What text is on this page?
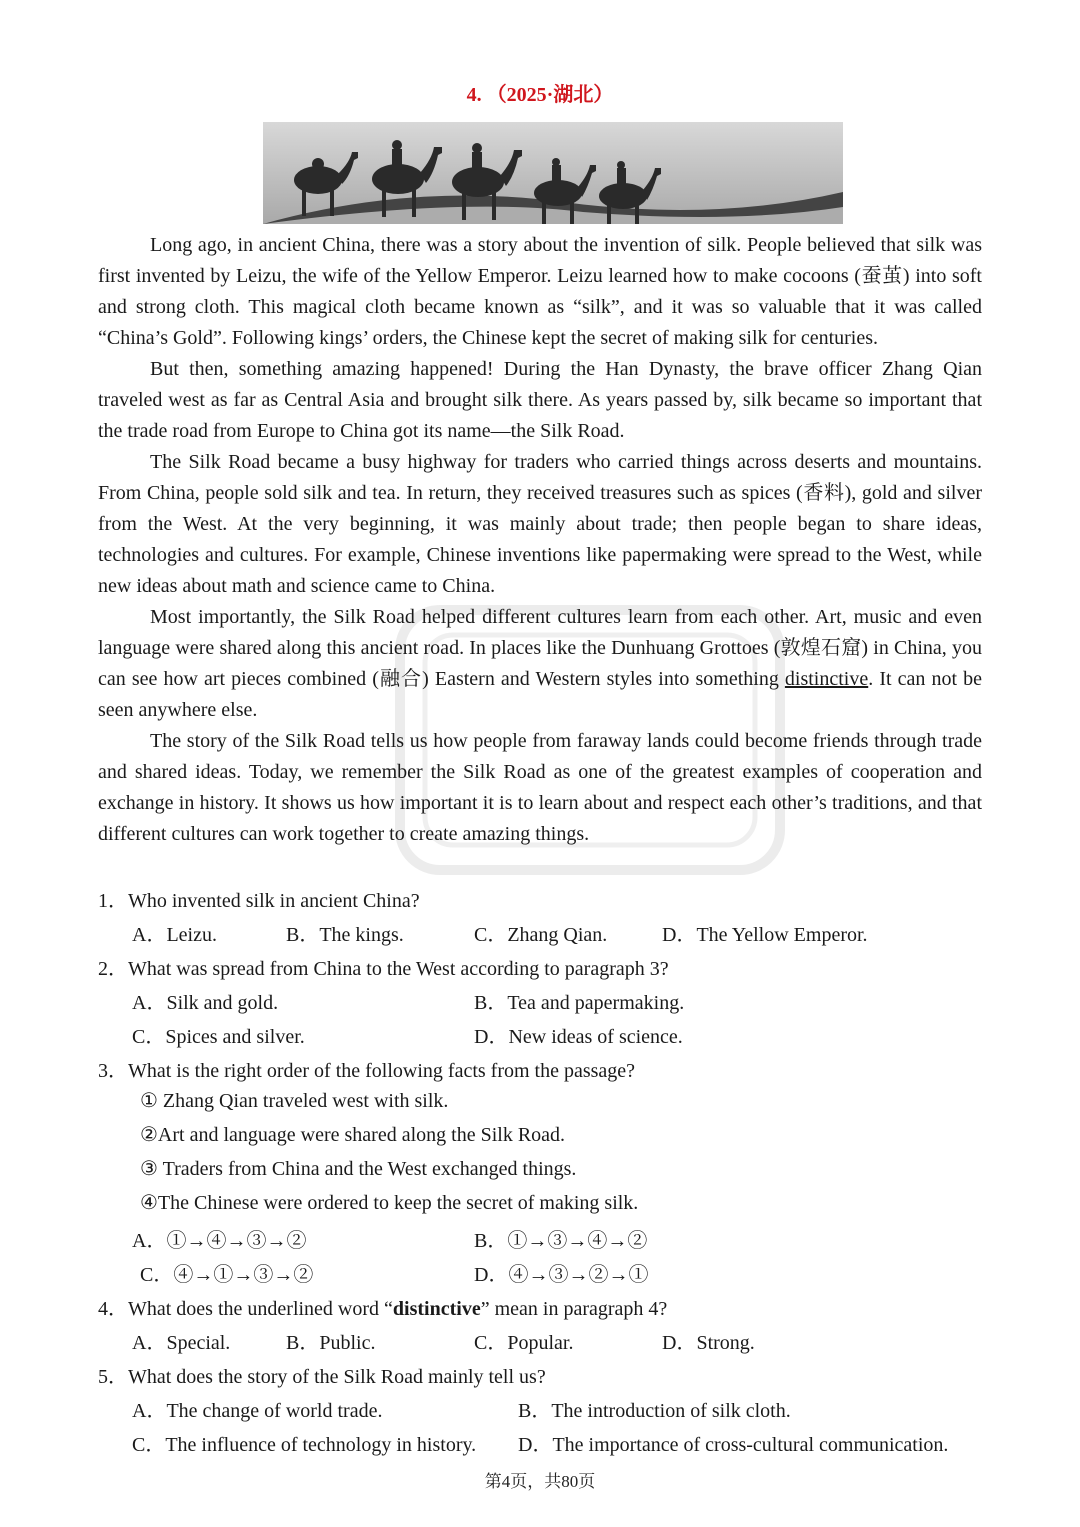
4. （2025·湖北）

Long ago, in ancient China, there was a story about the invention of silk. People believed that silk was first invented by Leizu, the wife of the Yellow Emperor. Leizu learned how to make cocoons (蚕茧) into soft and strong cloth. This magical cloth became known as “silk”, and it was so valuable that it was called “China’s Gold”. Following kings’ orders, the Chinese kept the secret of making silk for centuries.

But then, something amazing happened! During the Han Dynasty, the brave officer Zhang Qian traveled west as far as Central Asia and brought silk there. As years passed by, silk became so important that the trade road from Europe to China got its name—the Silk Road.

The Silk Road became a busy highway for traders who carried things across deserts and mountains. From China, people sold silk and tea. In return, they received treasures such as spices (香料), gold and silver from the West. At the very beginning, it was mainly about trade; then people began to share ideas, technologies and cultures. For example, Chinese inventions like papermaking were spread to the West, while new ideas about math and science came to China.

Most importantly, the Silk Road helped different cultures learn from each other. Art, music and even language were shared along this ancient road. In places like the Dunhuang Grottoes (敦煌石窟) in China, you can see how art pieces combined (融合) Eastern and Western styles into something distinctive. It can not be seen anywhere else.

The story of the Silk Road tells us how people from faraway lands could become friends through trade and shared ideas. Today, we remember the Silk Road as one of the greatest examples of cooperation and exchange in history. It shows us how important it is to learn about and respect each other’s traditions, and that different cultures can work together to create amazing things.

1．Who invented silk in ancient China?
A．Leizu.	B．The kings.	C．Zhang Qian.	D．The Yellow Emperor.
2．What was spread from China to the West according to paragraph 3?
A．Silk and gold.	B．Tea and papermaking.
C．Spices and silver.	D．New ideas of science.
3．What is the right order of the following facts from the passage?
① Zhang Qian traveled west with silk.
②Art and language were shared along the Silk Road.
③ Traders from China and the West exchanged things.
④The Chinese were ordered to keep the secret of making silk.
A．①→④→③→②	B．①→③→④→②
C．④→①→③→②	D．④→③→②→①
4．What does the underlined word “distinctive” mean in paragraph 4?
A．Special.	B．Public.	C．Popular.	D．Strong.
5．What does the story of the Silk Road mainly tell us?
A．The change of world trade.	B．The introduction of silk cloth.
C．The influence of technology in history. D．The importance of cross-cultural communication.
第4页，共80页
